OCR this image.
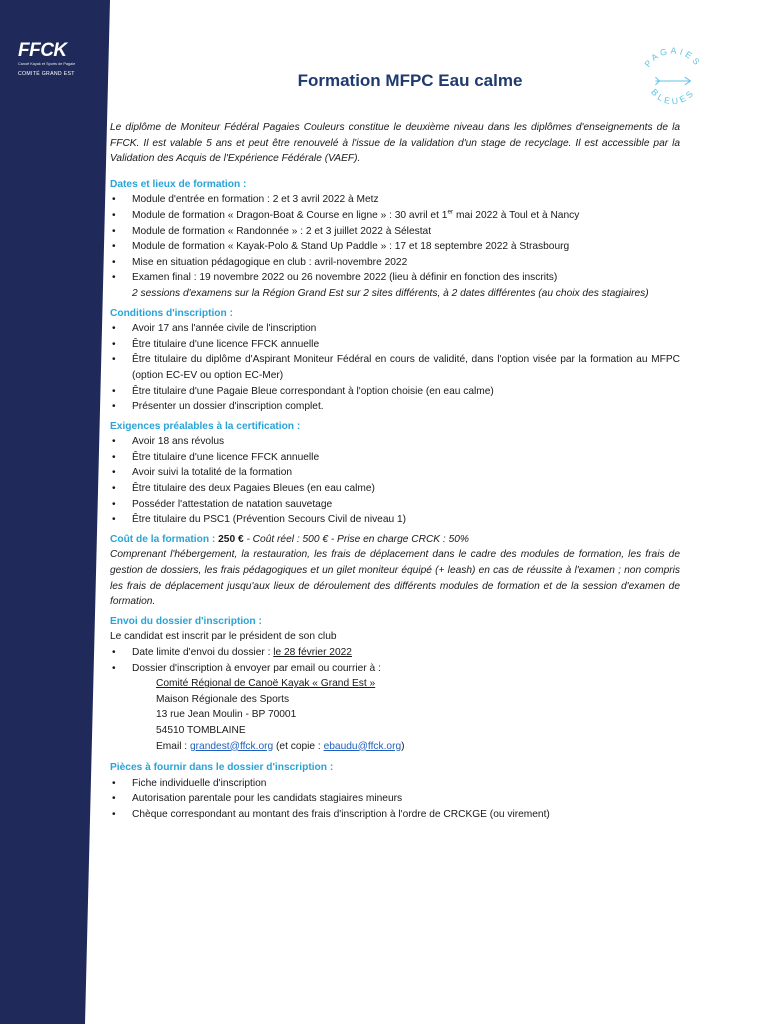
FFCK
Canoë Kayak et Sports de Pagaie
COMITÉ GRAND EST
PAGAIES
BLEUES
Formation MFPC Eau calme

Le diplôme de Moniteur Fédéral Pagaies Couleurs constitue le deuxième niveau dans les diplômes d'enseignements de la FFCK. Il est valable 5 ans et peut être renouvelé à l'issue de la validation d'un stage de recyclage. Il est accessible par la Validation des Acquis de l'Expérience Fédérale (VAEF).

Dates et lieux de formation :

• Module d'entrée en formation : 2 et 3 avril 2022 à Metz
• Module de formation « Dragon-Boat & Course en ligne » : 30 avril et 1er mai 2022 à Toul et à Nancy
• Module de formation « Randonnée » : 2 et 3 juillet 2022 à Sélestat
• Module de formation « Kayak-Polo & Stand Up Paddle » : 17 et 18 septembre 2022 à Strasbourg
• Mise en situation pédagogique en club : avril-novembre 2022
• Examen final : 19 novembre 2022 ou 26 novembre 2022 (lieu à définir en fonction des inscrits)
2 sessions d'examens sur la Région Grand Est sur 2 sites différents, à 2 dates différentes (au choix des stagiaires)

Conditions d'inscription :

• Avoir 17 ans l'année civile de l'inscription
• Être titulaire d'une licence FFCK annuelle
• Être titulaire du diplôme d'Aspirant Moniteur Fédéral en cours de validité, dans l'option visée par la formation au MFPC (option EC-EV ou option EC-Mer)
• Être titulaire d'une Pagaie Bleue correspondant à l'option choisie (en eau calme)
• Présenter un dossier d'inscription complet.

Exigences préalables à la certification :

• Avoir 18 ans révolus
• Être titulaire d'une licence FFCK annuelle
• Avoir suivi la totalité de la formation
• Être titulaire des deux Pagaies Bleues (en eau calme)
• Posséder l'attestation de natation sauvetage
• Être titulaire du PSC1 (Prévention Secours Civil de niveau 1)

Coût de la formation : 250 € - Coût réel : 500 € - Prise en charge CRCK : 50%

Comprenant l'hébergement, la restauration, les frais de déplacement dans le cadre des modules de formation, les frais de gestion de dossiers, les frais pédagogiques et un gilet moniteur équipé (+ leash) en cas de réussite à l'examen ; non compris les frais de déplacement jusqu'aux lieux de déroulement des différents modules de formation et de la session d'examen de formation.

Envoi du dossier d'inscription :

Le candidat est inscrit par le président de son club

• Date limite d'envoi du dossier : le 28 février 2022
• Dossier d'inscription à envoyer par email ou courrier à :
Comité Régional de Canoë Kayak « Grand Est »
Maison Régionale des Sports
13 rue Jean Moulin - BP 70001
54510 TOMBLAINE
Email : grandest@ffck.org (et copie : ebaudu@ffck.org)

Pièces à fournir dans le dossier d'inscription :

• Fiche individuelle d'inscription
• Autorisation parentale pour les candidats stagiaires mineurs
• Chèque correspondant au montant des frais d'inscription à l'ordre de CRCKGE (ou virement)
